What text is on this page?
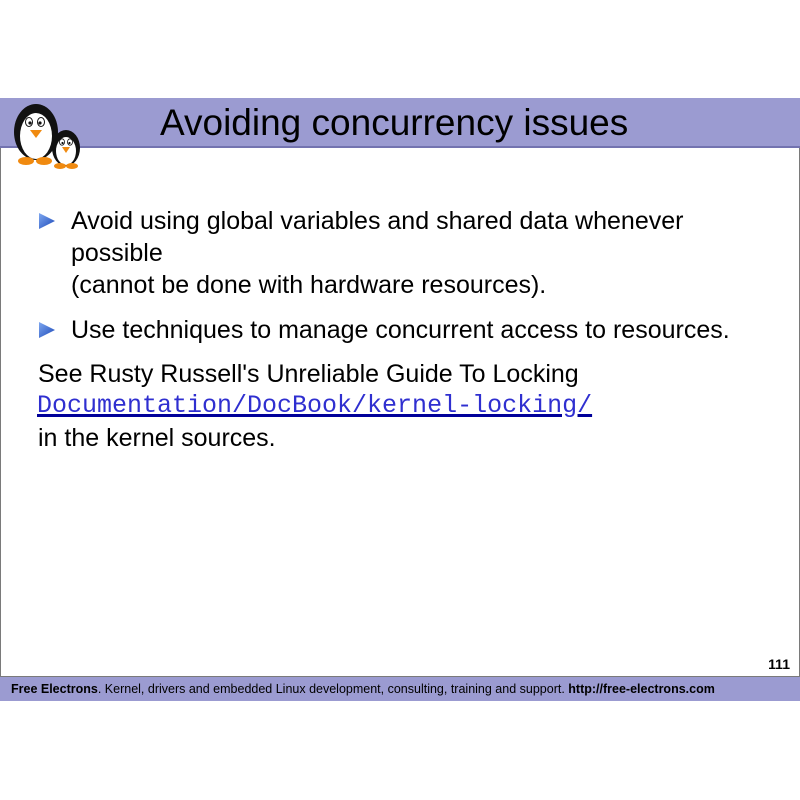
Avoiding concurrency issues
Avoid using global variables and shared data whenever
possible
(cannot be done with hardware resources).
Use techniques to manage concurrent access to resources.
See Rusty Russell's Unreliable Guide To Locking
Documentation/DocBook/kernel-locking/
in the kernel sources.
111
Free Electrons. Kernel, drivers and embedded Linux development, consulting, training and support. http://free-electrons.com
